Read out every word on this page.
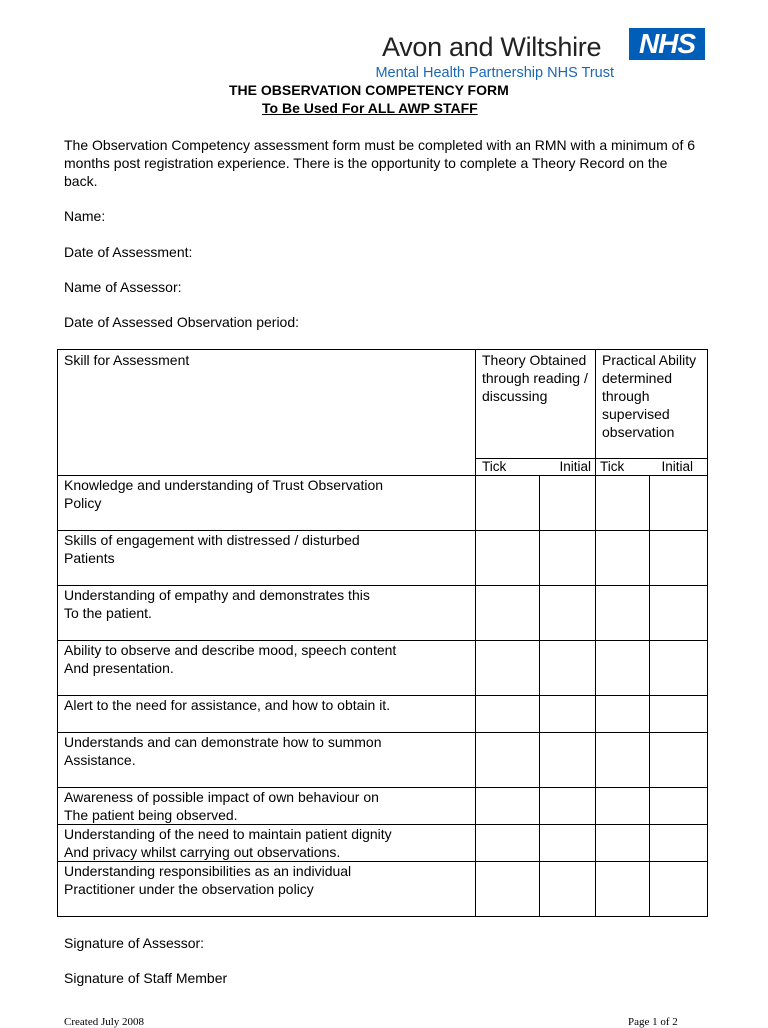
Avon and Wiltshire	NHS
Mental Health Partnership NHS Trust
THE OBSERVATION COMPETENCY FORM
To Be Used For ALL AWP STAFF
The Observation Competency assessment form must be completed with an RMN with a minimum of 6 months post registration experience. There is the opportunity to complete a Theory Record on the back.
Name:
Date of Assessment:
Name of Assessor:
Date of Assessed Observation period:
Skill for Assessment	Theory Obtained through reading / discussing		Practical Ability determined through supervised observation	

	Tick Initial		Tick Initial	

Knowledge and understanding of Trust Observation
Policy				

Skills of engagement with distressed / disturbed
Patients				

Understanding of empathy and demonstrates this
To the patient.				

Ability to observe and describe mood, speech content
And presentation.				

Alert to the need for assistance, and how to obtain it.				

Understands and can demonstrate how to summon
Assistance.				

Awareness of possible impact of own behaviour on
The patient being observed.				

Understanding of the need to maintain patient dignity
And privacy whilst carrying out observations.				

Understanding responsibilities as an individual
Practitioner under the observation policy				

Signature of Assessor:
Signature of Staff Member
Created July 2008	Page 1 of 2
